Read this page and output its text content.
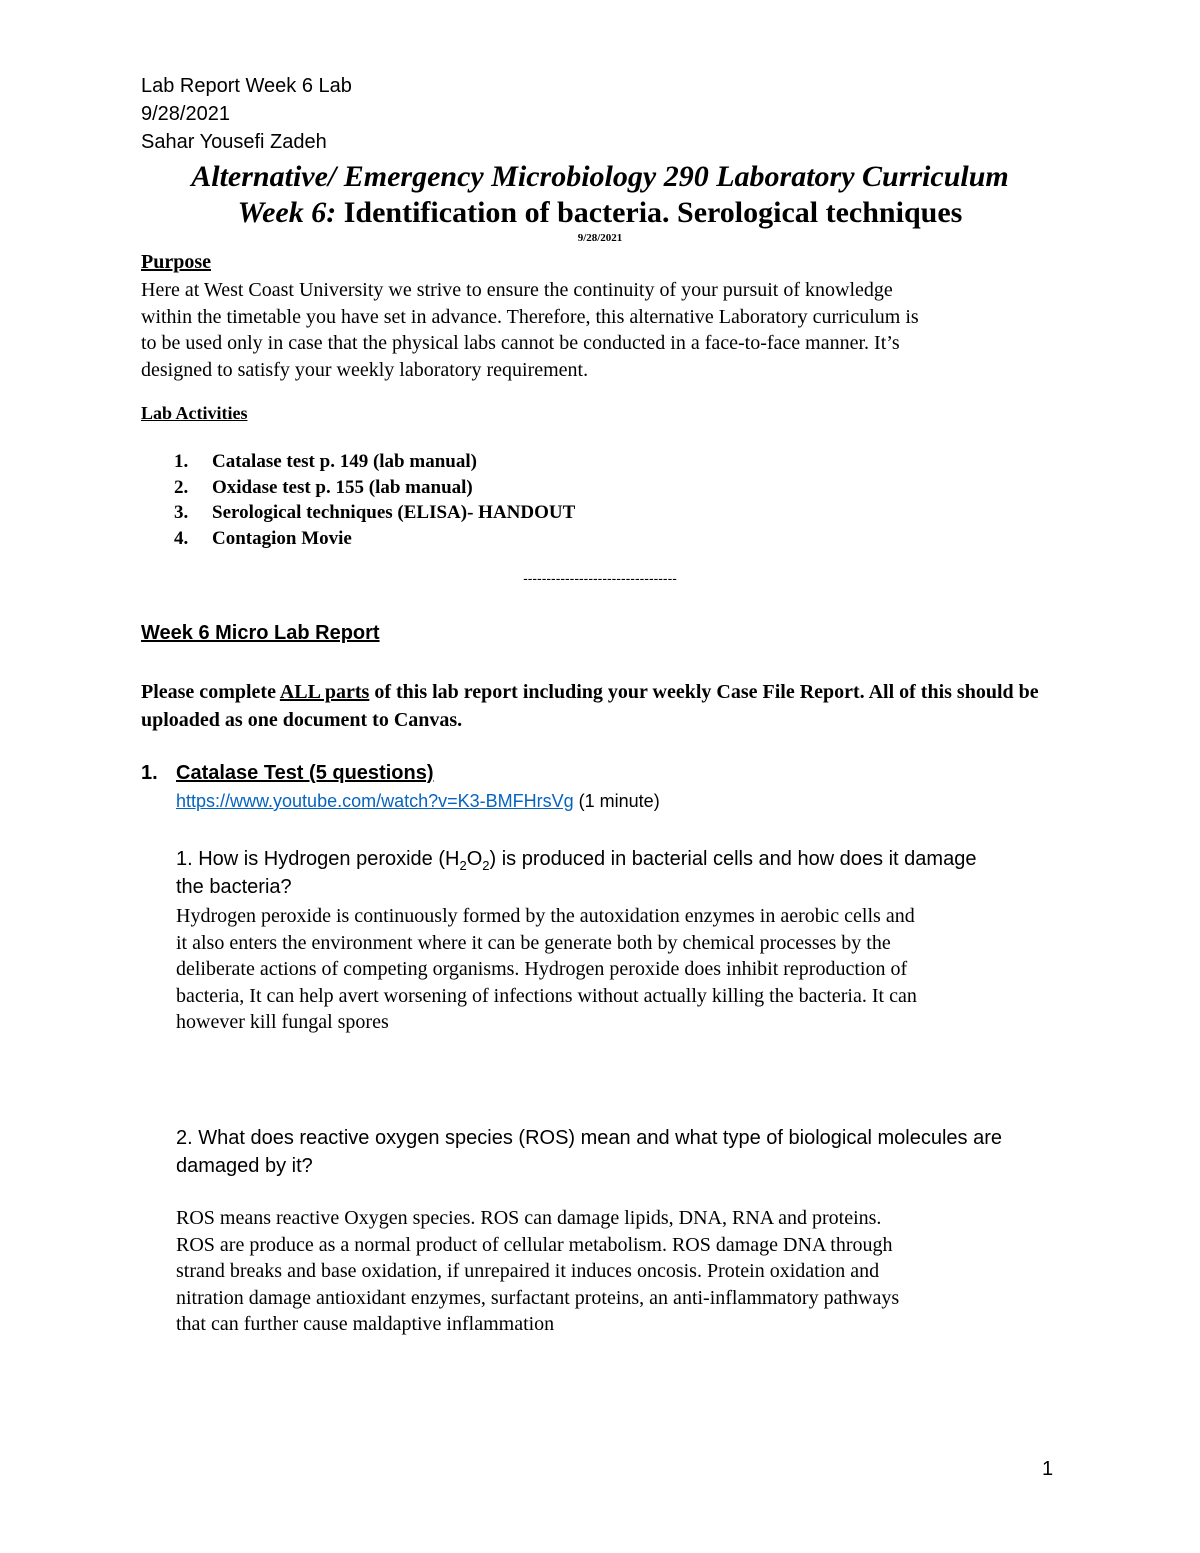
Lab Report Week 6 Lab
9/28/2021
Sahar Yousefi Zadeh
Alternative/ Emergency Microbiology 290 Laboratory Curriculum
Week 6: Identification of bacteria. Serological techniques
9/28/2021
Purpose
Here at West Coast University we strive to ensure the continuity of your pursuit of knowledge
within the timetable you have set in advance. Therefore, this alternative Laboratory curriculum is
to be used only in case that the physical labs cannot be conducted in a face-to-face manner. It’s
designed to satisfy your weekly laboratory requirement.
Lab Activities
1.	Catalase test p. 149 (lab manual)
2.	Oxidase test p. 155 (lab manual)
3.	Serological techniques (ELISA)- HANDOUT
4.	Contagion Movie
---------------------------------
Week 6 Micro Lab Report
Please complete ALL parts of this lab report including your weekly Case File Report. All of this should be uploaded as one document to Canvas.
1. Catalase Test (5 questions)
https://www.youtube.com/watch?v=K3-BMFHrsVg (1 minute)
1. How is Hydrogen peroxide $(H_2O_2)$ is produced in bacterial cells and how does it damage
the bacteria?
Hydrogen peroxide is continuously formed by the autoxidation enzymes in aerobic cells and
it also enters the environment where it can be generate both by chemical processes by the
deliberate actions of competing organisms. Hydrogen peroxide does inhibit reproduction of
bacteria, It can help avert worsening of infections without actually killing the bacteria. It can
however kill fungal spores
2. What does reactive oxygen species (ROS) mean and what type of biological molecules are
damaged by it?
ROS means reactive Oxygen species. ROS can damage lipids, DNA, RNA and proteins.
ROS are produce as a normal product of cellular metabolism. ROS damage DNA through
strand breaks and base oxidation, if unrepaired it induces oncosis. Protein oxidation and
nitration damage antioxidant enzymes, surfactant proteins, an anti-inflammatory pathways
that can further cause maldaptive inflammation
1
